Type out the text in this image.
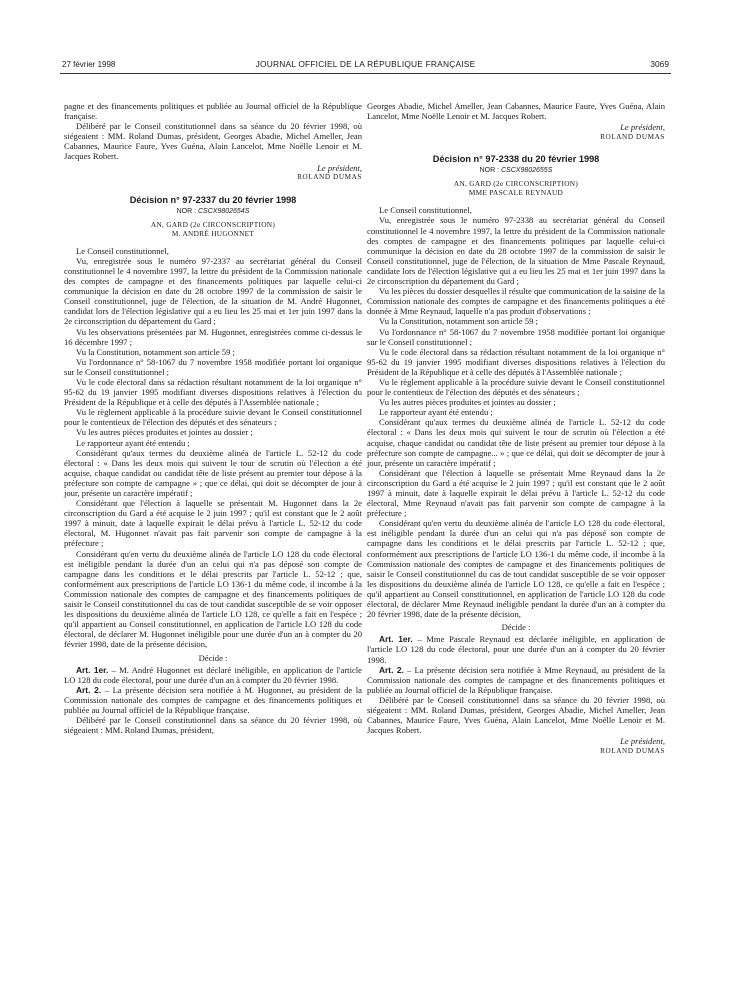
27 février 1998	JOURNAL OFFICIEL DE LA RÉPUBLIQUE FRANÇAISE	3069

pagne et des financements politiques et publiée au Journal officiel de la République française.

Délibéré par le Conseil constitutionnel dans sa séance du 20 février 1998, où siégeaient : MM. Roland Dumas, président, Georges Abadie, Michel Ameller, Jean Cabannes, Maurice Faure, Yves Guéna, Alain Lancelot, Mme Noëlle Lenoir et M. Jacques Robert.

Le président,
ROLAND DUMAS
Décision n° 97-2337 du 20 février 1998
NOR : CSCX9802654S
AN, GARD (2e CIRCONSCRIPTION)
M. ANDRÉ HUGONNET

Le Conseil constitutionnel,

Vu, enregistrée sous le numéro 97-2337 au secrétariat général du Conseil constitutionnel le 4 novembre 1997, la lettre du président de la Commission nationale des comptes de campagne et des financements politiques par laquelle celui-ci communique la décision en date du 28 octobre 1997 de la commission de saisir le Conseil constitutionnel, juge de l'élection, de la situation de M. André Hugonnet, candidat lors de l'élection législative qui a eu lieu les 25 mai et 1er juin 1997 dans la 2e circonscription du département du Gard ;

Vu les observations présentées par M. Hugonnet, enregistrées comme ci-dessus le 16 décembre 1997 ;

Vu la Constitution, notamment son article 59 ;

Vu l'ordonnance n° 58-1067 du 7 novembre 1958 modifiée portant loi organique sur le Conseil constitutionnel ;

Vu le code électoral dans sa rédaction résultant notamment de la loi organique n° 95-62 du 19 janvier 1995 modifiant diverses dispositions relatives à l'élection du Président de la République et à celle des députés à l'Assemblée nationale ;

Vu le règlement applicable à la procédure suivie devant le Conseil constitutionnel pour le contentieux de l'élection des députés et des sénateurs ;

Vu les autres pièces produites et jointes au dossier ;

Le rapporteur ayant été entendu ;

Considérant qu'aux termes du deuxième alinéa de l'article L. 52-12 du code électoral : « Dans les deux mois qui suivent le tour de scrutin où l'élection a été acquise, chaque candidat ou candidat tête de liste présent au premier tour dépose à la préfecture son compte de campagne » ; que ce délai, qui doit se décompter de jour à jour, présente un caractère impératif ;

Considérant que l'élection à laquelle se présentait M. Hugonnet dans la 2e circonscription du Gard a été acquise le 2 juin 1997 ; qu'il est constant que le 2 août 1997 à minuit, date à laquelle expirait le délai prévu à l'article L. 52-12 du code électoral, M. Hugonnet n'avait pas fait parvenir son compte de campagne à la préfecture ;

Considérant qu'en vertu du deuxième alinéa de l'article LO 128 du code électoral est inéligible pendant la durée d'un an celui qui n'a pas déposé son compte de campagne dans les conditions et le délai prescrits par l'article L. 52-12 ; que, conformément aux prescriptions de l'article LO 136-1 du même code, il incombe à la Commission nationale des comptes de campagne et des financements politiques de saisir le Conseil constitutionnel du cas de tout candidat susceptible de se voir opposer les dispositions du deuxième alinéa de l'article LO 128, ce qu'elle a fait en l'espèce ; qu'il appartient au Conseil constitutionnel, en application de l'article LO 128 du code électoral, de déclarer M. Hugonnet inéligible pour une durée d'un an à compter du 20 février 1998, date de la présente décision,

Décide :

Art. 1er. – M. André Hugonnet est déclaré inéligible, en application de l'article LO 128 du code électoral, pour une durée d'un an à compter du 20 février 1998.

Art. 2. – La présente décision sera notifiée à M. Hugonnet, au président de la Commission nationale des comptes de campagne et des financements politiques et publiée au Journal officiel de la République française.

Délibéré par le Conseil constitutionnel dans sa séance du 20 février 1998, où siégeaient : MM. Roland Dumas, président,

Georges Abadie, Michel Ameller, Jean Cabannes, Maurice Faure, Yves Guéna, Alain Lancelot, Mme Noëlle Lenoir et M. Jacques Robert.

Le président,
ROLAND DUMAS
Décision n° 97-2338 du 20 février 1998
NOR : CSCX9802655S
AN, GARD (2e CIRCONSCRIPTION)
MME PASCALE REYNAUD

Le Conseil constitutionnel,

Vu, enregistrée sous le numéro 97-2338 au secrétariat général du Conseil constitutionnel le 4 novembre 1997, la lettre du président de la Commission nationale des comptes de campagne et des financements politiques par laquelle celui-ci communique la décision en date du 28 octobre 1997 de la commission de saisir le Conseil constitutionnel, juge de l'élection, de la situation de Mme Pascale Reynaud, candidate lors de l'élection législative qui a eu lieu les 25 mai et 1er juin 1997 dans la 2e circonscription du département du Gard ;

Vu les pièces du dossier desquelles il résulte que communication de la saisine de la Commission nationale des comptes de campagne et des financements politiques a été donnée à Mme Reynaud, laquelle n'a pas produit d'observations ;

Vu la Constitution, notamment son article 59 ;

Vu l'ordonnance n° 58-1067 du 7 novembre 1958 modifiée portant loi organique sur le Conseil constitutionnel ;

Vu le code électoral dans sa rédaction résultant notamment de la loi organique n° 95-62 du 19 janvier 1995 modifiant diverses dispositions relatives à l'élection du Président de la République et à celle des députés à l'Assemblée nationale ;

Vu le règlement applicable à la procédure suivie devant le Conseil constitutionnel pour le contentieux de l'élection des députés et des sénateurs ;

Vu les autres pièces produites et jointes au dossier ;

Le rapporteur ayant été entendu ;

Considérant qu'aux termes du deuxième alinéa de l'article L. 52-12 du code électoral : « Dans les deux mois qui suivent le tour de scrutin où l'élection a été acquise, chaque candidat ou candidat tête de liste présent au premier tour dépose à la préfecture son compte de campagne... » ; que ce délai, qui doit se décompter de jour à jour, présente un caractère impératif ;

Considérant que l'élection à laquelle se présentait Mme Reynaud dans la 2e circonscription du Gard a été acquise le 2 juin 1997 ; qu'il est constant que le 2 août 1997 à minuit, date à laquelle expirait le délai prévu à l'article L. 52-12 du code électoral, Mme Reynaud n'avait pas fait parvenir son compte de campagne à la préfecture ;

Considérant qu'en vertu du deuxième alinéa de l'article LO 128 du code électoral, est inéligible pendant la durée d'un an celui qui n'a pas déposé son compte de campagne dans les conditions et le délai prescrits par l'article L. 52-12 ; que, conformément aux prescriptions de l'article LO 136-1 du même code, il incombe à la Commission nationale des comptes de campagne et des financements politiques de saisir le Conseil constitutionnel du cas de tout candidat susceptible de se voir opposer les dispositions du deuxième alinéa de l'article LO 128, ce qu'elle a fait en l'espèce ; qu'il appartient au Conseil constitutionnel, en application de l'article LO 128 du code électoral, de déclarer Mme Reynaud inéligible pendant la durée d'un an à compter du 20 février 1998, date de la présente décision,

Décide :

Art. 1er. – Mme Pascale Reynaud est déclarée inéligible, en application de l'article LO 128 du code électoral, pour une durée d'un an à compter du 20 février 1998.

Art. 2. – La présente décision sera notifiée à Mme Reynaud, au président de la Commission nationale des comptes de campagne et des financements politiques et publiée au Journal officiel de la République française.

Délibéré par le Conseil constitutionnel dans sa séance du 20 février 1998, où siégeaient : MM. Roland Dumas, président, Georges Abadie, Michel Ameller, Jean Cabannes, Maurice Faure, Yves Guéna, Alain Lancelot, Mme Noëlle Lenoir et M. Jacques Robert.

Le président,
ROLAND DUMAS
